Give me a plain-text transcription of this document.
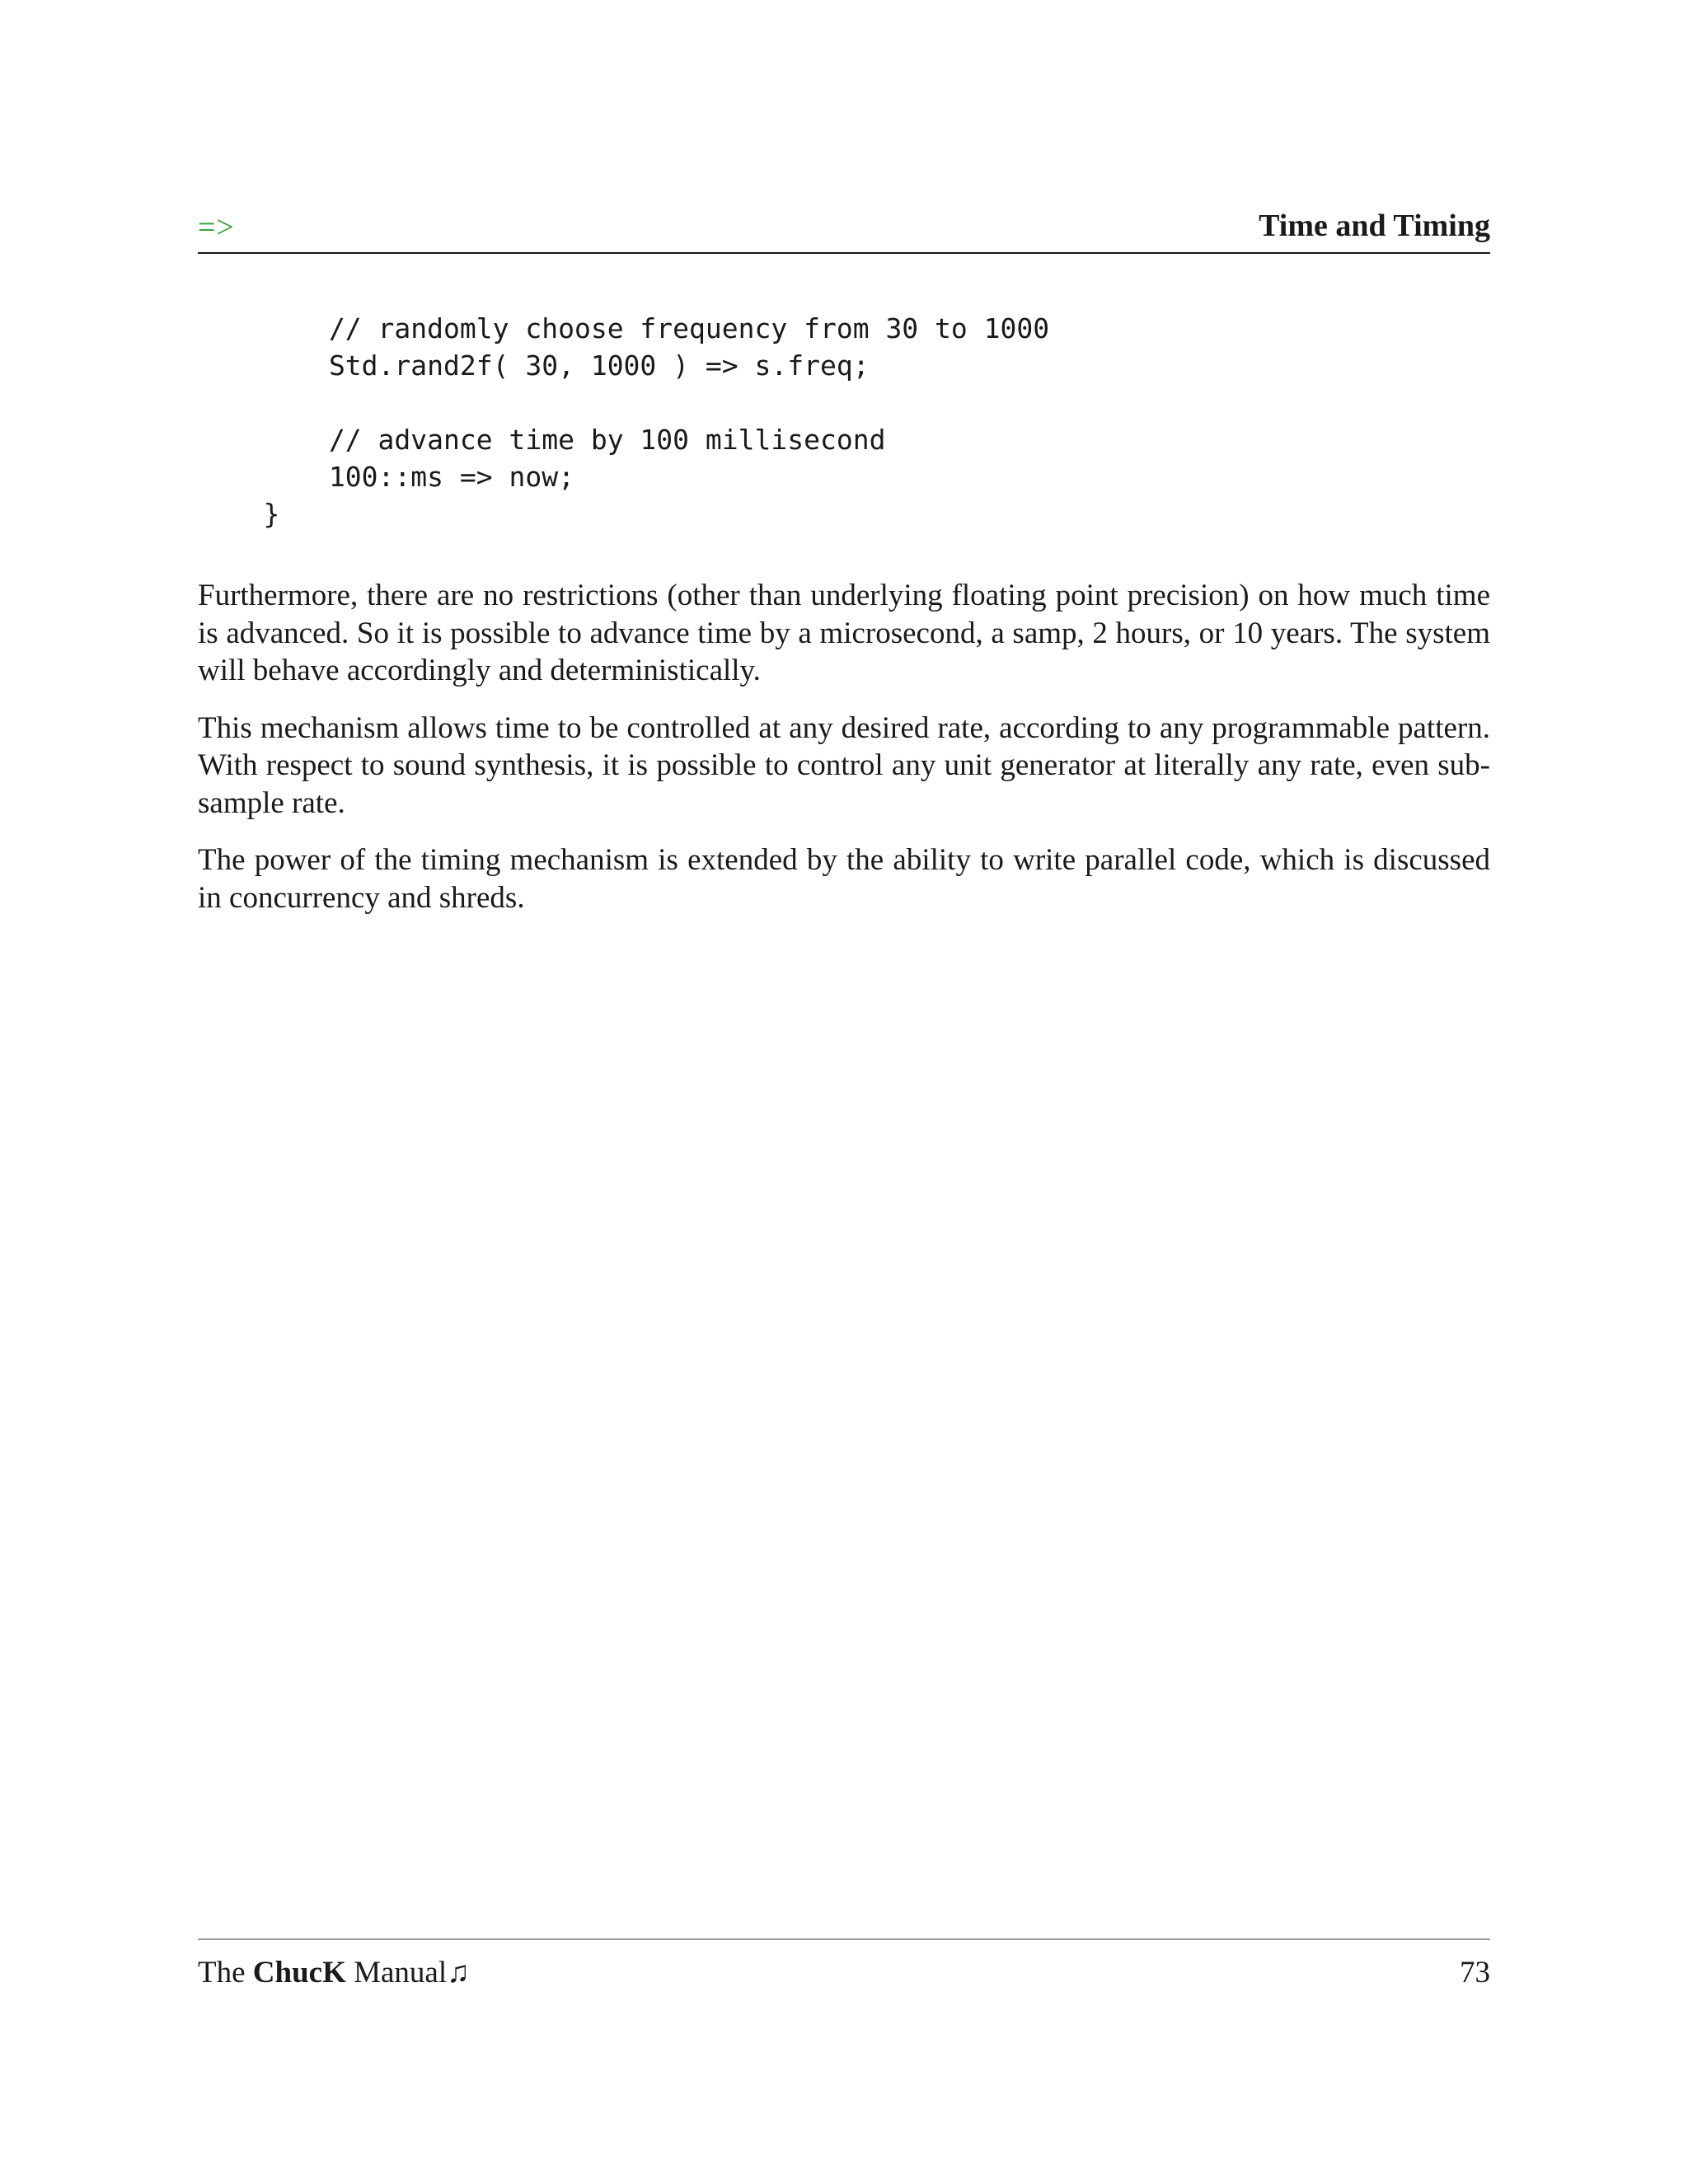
=>	Time and Timing
// randomly choose frequency from 30 to 1000
Std.rand2f( 30, 1000 ) => s.freq;
// advance time by 100 millisecond
100::ms => now;
}

Furthermore, there are no restrictions (other than underlying floating point precision) on how much time is advanced. So it is possible to advance time by a microsecond, a samp, 2 hours, or 10 years. The system will behave accordingly and deterministically.

This mechanism allows time to be controlled at any desired rate, according to any programmable pattern. With respect to sound synthesis, it is possible to control any unit generator at literally any rate, even sub-sample rate.

The power of the timing mechanism is extended by the ability to write parallel code, which is discussed in concurrency and shreds.

The ChucK Manual♫	73
